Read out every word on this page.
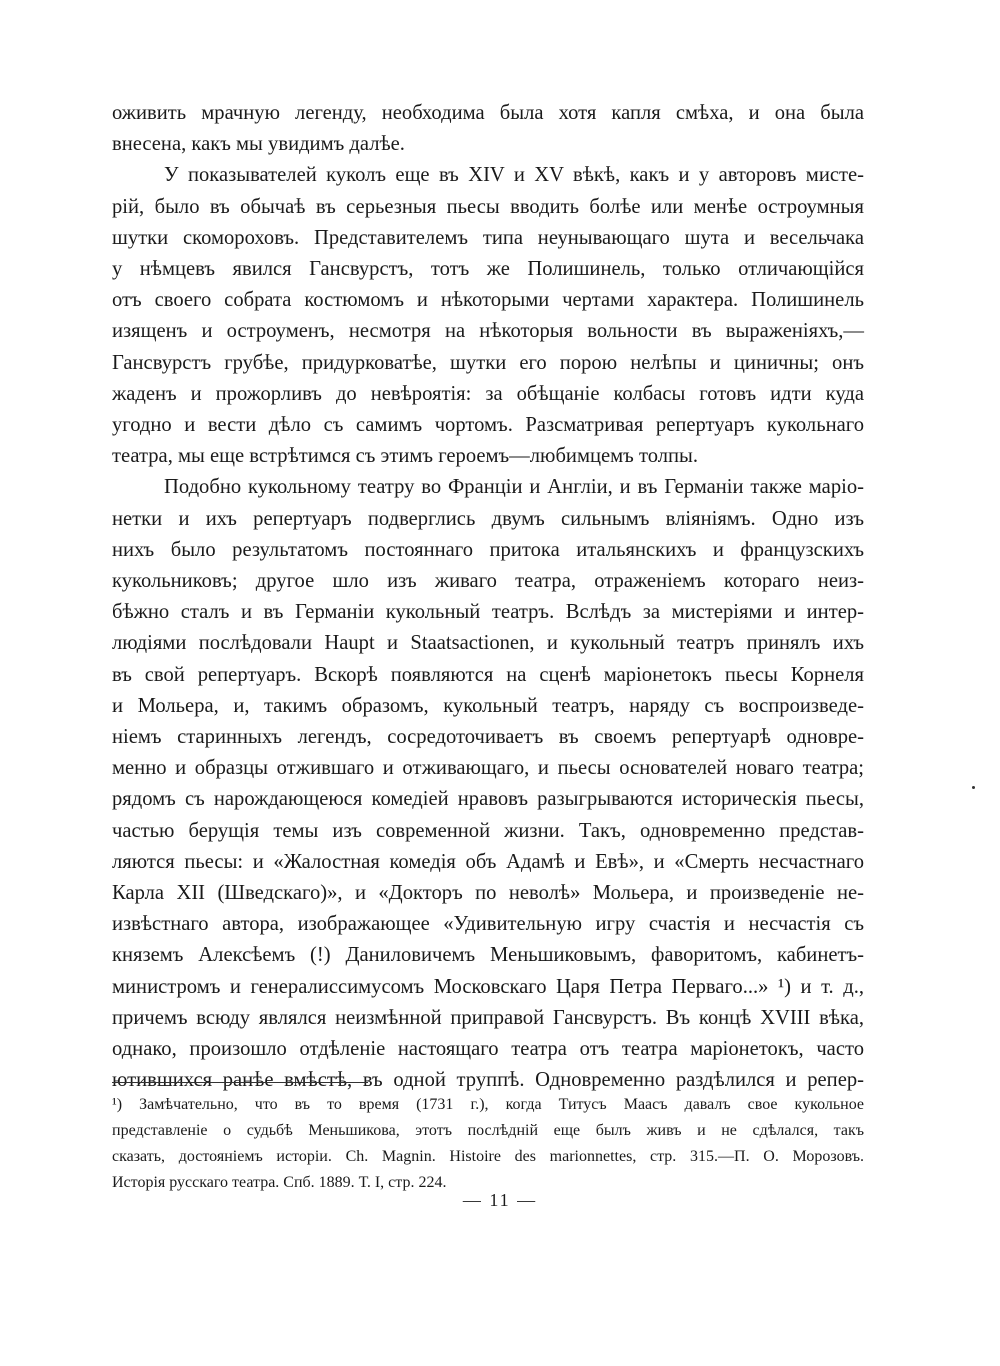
оживить мрачную легенду, необходима была хотя капля смѣха, и она была
внесена, какъ мы увидимъ далѣе.

У показывателей куколъ еще въ XIV и XV вѣкѣ, какъ и у авторовъ мисте-
рій, было въ обычаѣ въ серьезныя пьесы вводить болѣе или менѣе остроумныя
шутки скомороховъ. Представителемъ типа неунывающаго шута и весельчака
у нѣмцевъ явился Гансвурстъ, тотъ же Полишинель, только отличающійся
отъ своего собрата костюмомъ и нѣкоторыми чертами характера. Полишинель
изященъ и остроуменъ, несмотря на нѣкоторыя вольности въ выраженіяхъ,—
Гансвурстъ грубѣе, придурковатѣе, шутки его порою нелѣпы и циничны; онъ
жаденъ и прожорливъ до невѣроятія: за обѣщаніе колбасы готовъ идти куда
угодно и вести дѣло съ самимъ чортомъ. Разсматривая репертуаръ кукольнаго
театра, мы еще встрѣтимся съ этимъ героемъ—любимцемъ толпы.

Подобно кукольному театру во Франціи и Англіи, и въ Германіи также маріо-
нетки и ихъ репертуаръ подверглись двумъ сильнымъ вліяніямъ. Одно изъ
нихъ было результатомъ постояннаго притока итальянскихъ и французскихъ
кукольниковъ; другое шло изъ живаго театра, отраженіемъ котораго неиз-
бѣжно сталъ и въ Германіи кукольный театръ. Вслѣдъ за мистеріями и интер-
людіями послѣдовали Haupt и Staatsactionen, и кукольный театръ принялъ ихъ
въ свой репертуаръ. Вскорѣ появляются на сценѣ маріонетокъ пьесы Корнеля
и Мольера, и, такимъ образомъ, кукольный театръ, наряду съ воспроизведе-
ніемъ старинныхъ легендъ, сосредоточиваетъ въ своемъ репертуарѣ одновре-
менно и образцы отжившаго и отживающаго, и пьесы основателей новаго театра;
рядомъ съ нарождающеюся комедіей нравовъ разыгрываются историческія пьесы,
частью берущія темы изъ современной жизни. Такъ, одновременно представ-
ляются пьесы: и «Жалостная комедія объ Адамѣ и Евѣ», и «Смерть несчастнаго
Карла XII (Шведскаго)», и «Докторъ по неволѣ» Мольера, и произведеніе не-
извѣстнаго автора, изображающее «Удивительную игру счастія и несчастія съ
княземъ Алексѣемъ (!) Даниловичемъ Меньшиковымъ, фаворитомъ, кабинетъ-
министромъ и генералиссимусомъ Московскаго Царя Петра Перваго...» ¹) и т. д.,
причемъ всюду являлся неизмѣнной приправой Гансвурстъ. Въ концѣ XVIII вѣка,
однако, произошло отдѣленіе настоящаго театра отъ театра маріонетокъ, часто
ютившихся ранѣе вмѣстѣ, въ одной труппѣ. Одновременно раздѣлился и репер-

¹) Замѣчательно, что въ то время (1731 г.), когда Титусъ Маасъ давалъ свое кукольное
представленіе о судьбѣ Меньшикова, этотъ послѣдній еще былъ живъ и не сдѣлался, такъ
сказать, достояніемъ исторіи. Ch. Magnin. Histoire des marionnettes, стр. 315.—П. О. Морозовъ.
Исторія русскаго театра. Спб. 1889. Т. I, стр. 224.
— 11 —
